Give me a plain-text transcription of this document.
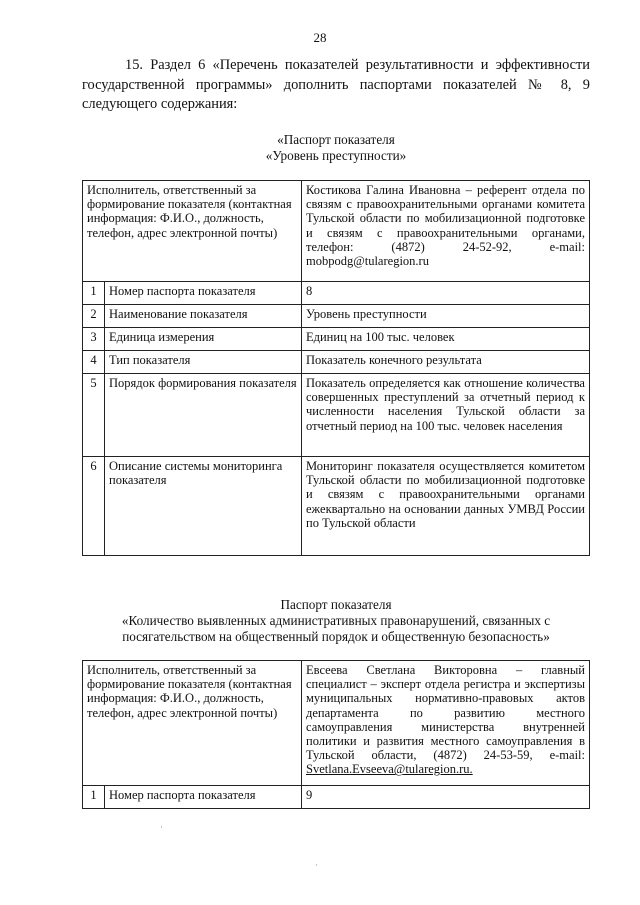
28

15. Раздел 6 «Перечень показателей результативности и эффективности государственной программы» дополнить паспортами показателей № 8, 9 следующего содержания:

«Паспорт показателя

«Уровень преступности»

Исполнитель, ответственный за формирование показателя (контактная информация: Ф.И.О., должность, телефон, адрес электронной почты)		Костикова Галина Ивановна – референт отдела по связям с правоохранительными органами комитета Тульской области по мобилизационной подготовке и связям с правоохранительными органами, телефон: (4872) 24-52-92, e-mail: mobpodg@tularegion.ru
1	Номер паспорта показателя	8
2	Наименование показателя	Уровень преступности
3	Единица измерения	Единиц на 100 тыс. человек
4	Тип показателя	Показатель конечного результата
5	Порядок формирования показателя	Показатель определяется как отношение количества совершенных преступлений за отчетный период к численности населения Тульской области за отчетный период на 100 тыс. человек населения
6	Описание системы мониторинга показателя	Мониторинг показателя осуществляется комитетом Тульской области по мобилизационной подготовке и связям с правоохранительными органами ежеквартально на основании данных УМВД России по Тульской области

Паспорт показателя

«Количество выявленных административных правонарушений, связанных с посягательством на общественный порядок и общественную безопасность»

Исполнитель, ответственный за формирование показателя (контактная информация: Ф.И.О., должность, телефон, адрес электронной почты)		Евсеева Светлана Викторовна – главный специалист – эксперт отдела регистра и экспертизы муниципальных нормативно-правовых актов департамента по развитию местного самоуправления министерства внутренней политики и развития местного самоуправления в Тульской области, (4872) 24-53-59, e-mail: Svetlana.Evseeva@tularegion.ru.
1	Номер паспорта показателя	9
·
·
